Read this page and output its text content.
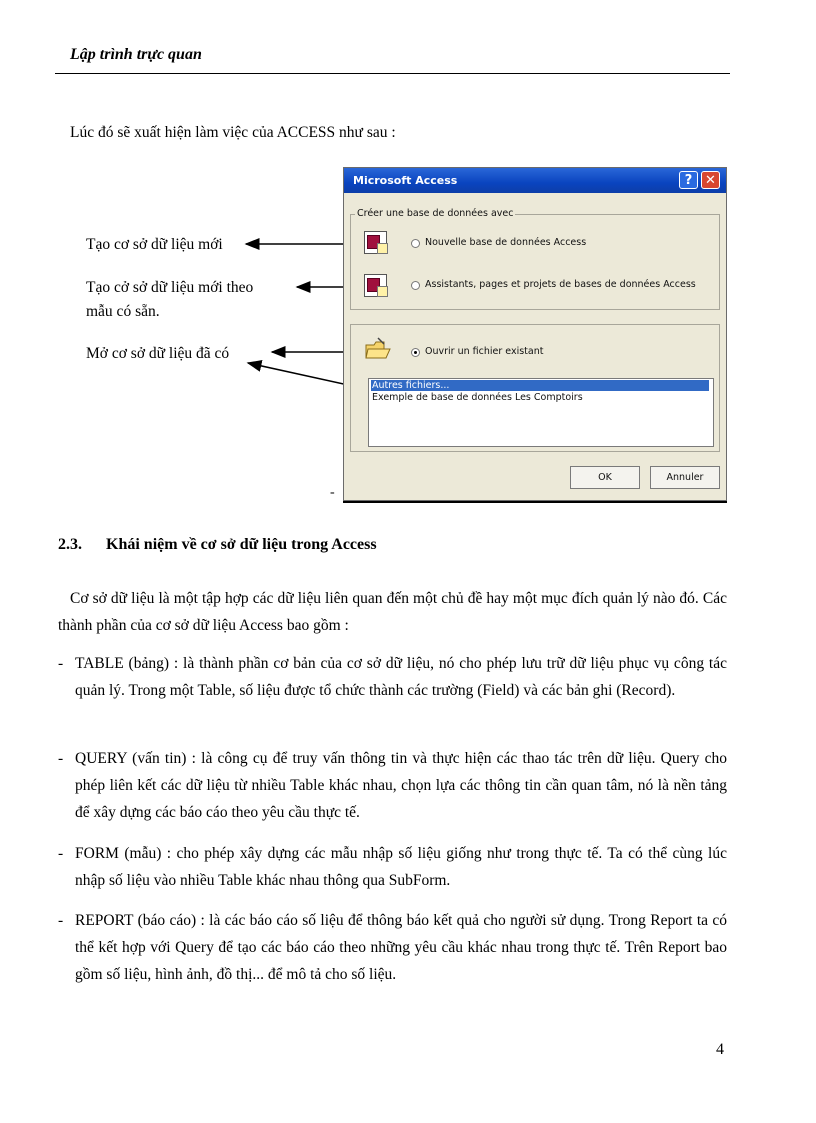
Lập trình trực quan
Lúc đó sẽ xuất hiện làm việc của ACCESS như sau :
Tạo cơ sở dữ liệu mới
Tạo cở sở dữ liệu mới theo
mẫu có sẵn.
Mở cơ sở dữ liệu đã có
Microsoft Access	? ✕
Créer une base de données avec
Nouvelle base de données Access
Assistants, pages et projets de bases de données Access
Ouvrir un fichier existant
Autres fichiers...
Exemple de base de données Les Comptoirs
OK	Annuler
-
2.3. Khái niệm về cơ sở dữ liệu trong Access
Cơ sở dữ liệu là một tập hợp các dữ liệu liên quan đến một chủ đề hay một mục đích quản lý nào đó. Các thành phần của cơ sở dữ liệu Access bao gồm :
- TABLE (bảng) : là thành phần cơ bản của cơ sở dữ liệu, nó cho phép lưu trữ dữ liệu phục vụ công tác quản lý. Trong một Table, số liệu được tổ chức thành các trường (Field) và các bản ghi (Record).
- QUERY (vấn tin) : là công cụ để truy vấn thông tin và thực hiện các thao tác trên dữ liệu. Query cho phép liên kết các dữ liệu từ nhiều Table khác nhau, chọn lựa các thông tin cần quan tâm, nó là nền tảng để xây dựng các báo cáo theo yêu cầu thực tế.
- FORM (mẫu) : cho phép xây dựng các mẫu nhập số liệu giống như trong thực tế. Ta có thể cùng lúc nhập số liệu vào nhiều Table khác nhau thông qua SubForm.
- REPORT (báo cáo) : là các báo cáo số liệu để thông báo kết quả cho người sử dụng. Trong Report ta có thể kết hợp với Query để tạo các báo cáo theo những yêu cầu khác nhau trong thực tế. Trên Report bao gồm số liệu, hình ảnh, đồ thị... để mô tả cho số liệu.
4
